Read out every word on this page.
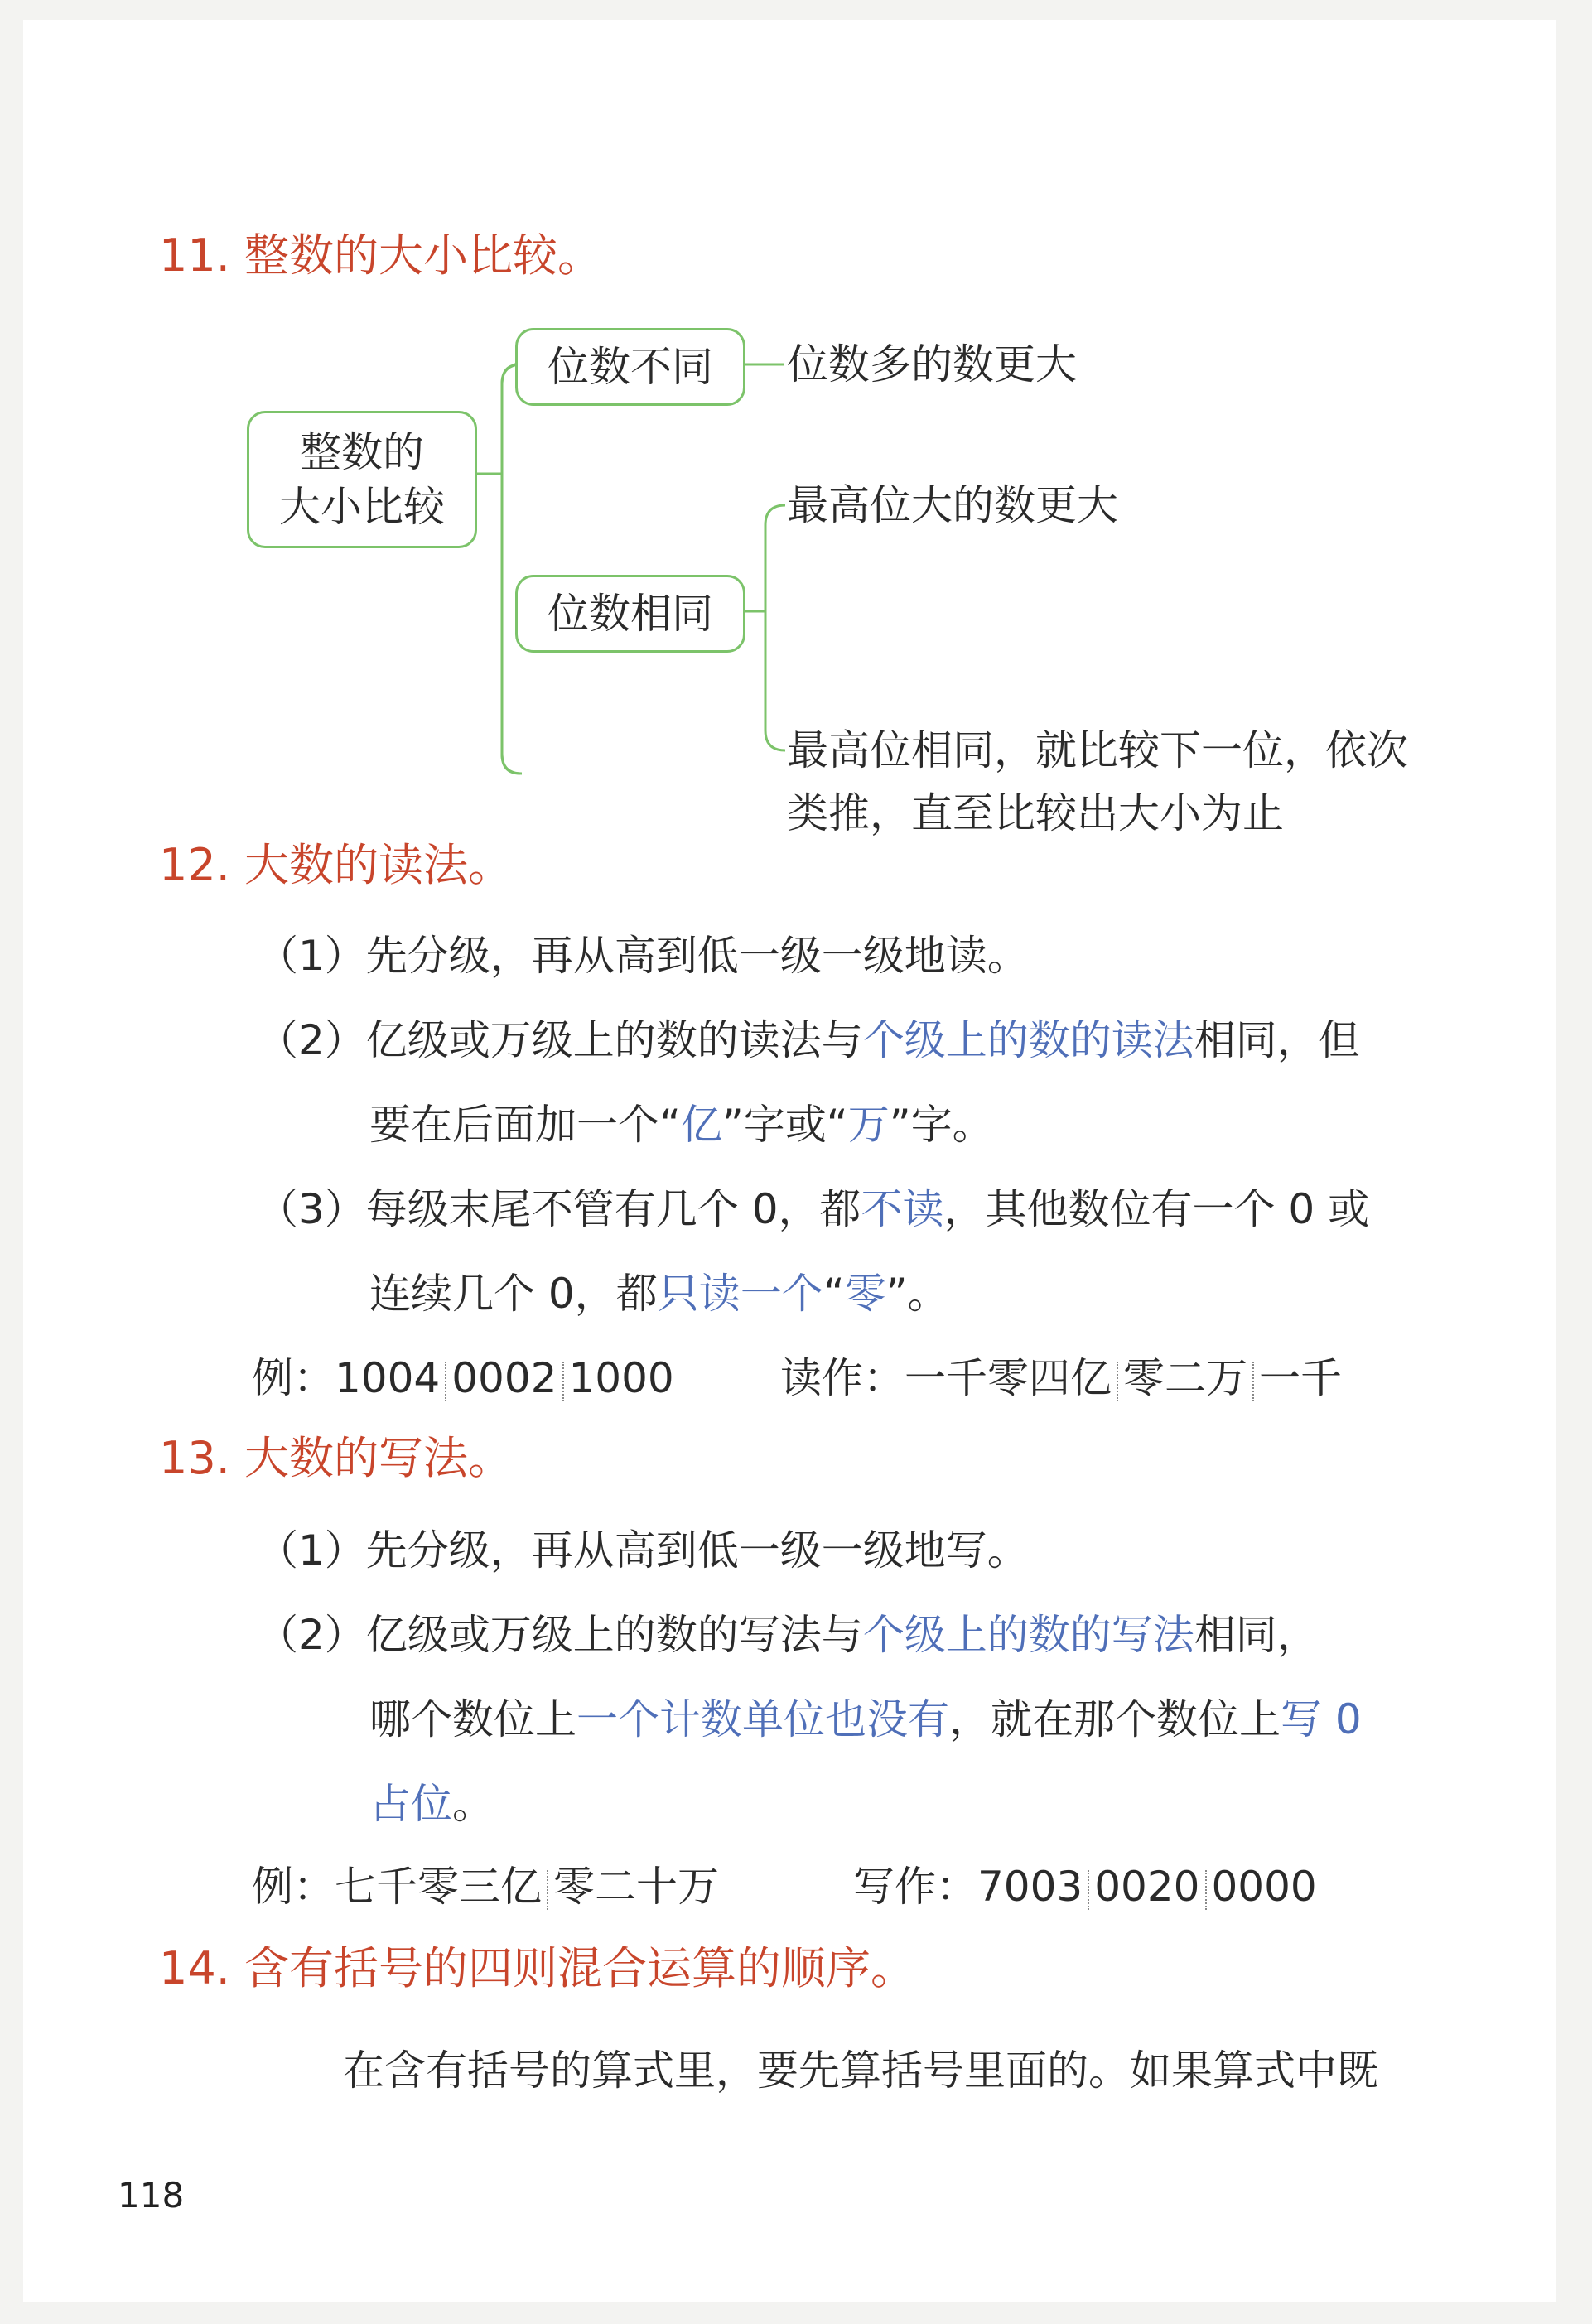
11. 整数的大小比较。
整数的
大小比较
位数不同 位数多的数更大
位数相同
最高位大的数更大
最高位相同，就比较下一位，依次
类推，直至比较出大小为止
12. 大数的读法。
（1）先分级，再从高到低一级一级地读。
（2）亿级或万级上的数的读法与个级上的数的读法相同，但
要在后面加一个“亿”字或“万”字。
（3）每级末尾不管有几个 0，都不读，其他数位有一个 0 或
连续几个 0，都只读一个“零”。
例：1004 0002 1000	读作：一千零四亿 零二万 一千
13. 大数的写法。
（1）先分级，再从高到低一级一级地写。
（2）亿级或万级上的数的写法与个级上的数的写法相同，
哪个数位上一个计数单位也没有，就在那个数位上写 0
占位。
例：七千零三亿 零二十万	写作：7003 0020 0000
14. 含有括号的四则混合运算的顺序。
在含有括号的算式里，要先算括号里面的。如果算式中既
118
